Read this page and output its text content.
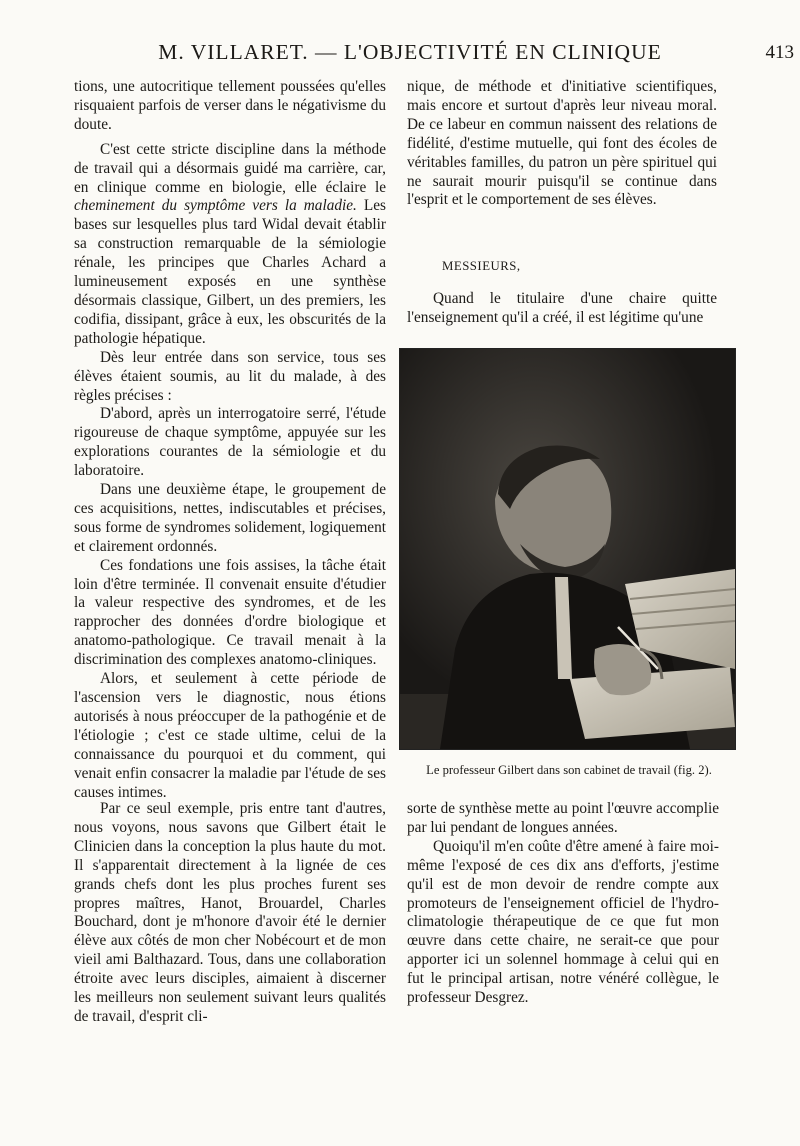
M. VILLARET. — L'OBJECTIVITÉ EN CLINIQUE	413

tions, une autocritique tellement poussées qu'elles risquaient parfois de verser dans le négativisme du doute.

C'est cette stricte discipline dans la méthode de travail qui a désormais guidé ma carrière, car, en clinique comme en biologie, elle éclaire le cheminement du symptôme vers la maladie. Les bases sur lesquelles plus tard Widal devait établir sa construction remarquable de la sémiologie rénale, les principes que Charles Achard a lumineusement exposés en une synthèse désormais classique, Gilbert, un des premiers, les codifia, dissipant, grâce à eux, les obscurités de la pathologie hépatique.

Dès leur entrée dans son service, tous ses élèves étaient soumis, au lit du malade, à des règles précises :

D'abord, après un interrogatoire serré, l'étude rigoureuse de chaque symptôme, appuyée sur les explorations courantes de la sémiologie et du laboratoire.

Dans une deuxième étape, le groupement de ces acquisitions, nettes, indiscutables et précises, sous forme de syndromes solidement, logiquement et clairement ordonnés.

Ces fondations une fois assises, la tâche était loin d'être terminée. Il convenait ensuite d'étudier la valeur respective des syndromes, et de les rapprocher des données d'ordre biologique et anatomo-pathologique. Ce travail menait à la discrimination des complexes anatomo-cliniques.

Alors, et seulement à cette période de l'ascension vers le diagnostic, nous étions autorisés à nous préoccuper de la pathogénie et de l'étiologie ; c'est ce stade ultime, celui de la connaissance du pourquoi et du comment, qui venait enfin consacrer la maladie par l'étude de ses causes intimes.

nique, de méthode et d'initiative scientifiques, mais encore et surtout d'après leur niveau moral. De ce labeur en commun naissent des relations de fidélité, d'estime mutuelle, qui font des écoles de véritables familles, du patron un père spirituel qui ne saurait mourir puisqu'il se continue dans l'esprit et le comportement de ses élèves.

MESSIEURS,

Quand le titulaire d'une chaire quitte l'enseignement qu'il a créé, il est légitime qu'une

Le professeur Gilbert dans son cabinet de travail (fig. 2).

Par ce seul exemple, pris entre tant d'autres, nous voyons, nous savons que Gilbert était le Clinicien dans la conception la plus haute du mot. Il s'apparentait directement à la lignée de ces grands chefs dont les plus proches furent ses propres maîtres, Hanot, Brouardel, Charles Bouchard, dont je m'honore d'avoir été le dernier élève aux côtés de mon cher Nobécourt et de mon vieil ami Balthazard. Tous, dans une collaboration étroite avec leurs disciples, aimaient à discerner les meilleurs non seulement suivant leurs qualités de travail, d'esprit cli-

sorte de synthèse mette au point l'œuvre accomplie par lui pendant de longues années.

Quoiqu'il m'en coûte d'être amené à faire moi-même l'exposé de ces dix ans d'efforts, j'estime qu'il est de mon devoir de rendre compte aux promoteurs de l'enseignement officiel de l'hydro-climatologie thérapeutique de ce que fut mon œuvre dans cette chaire, ne serait-ce que pour apporter ici un solennel hommage à celui qui en fut le principal artisan, notre vénéré collègue, le professeur Desgrez.
